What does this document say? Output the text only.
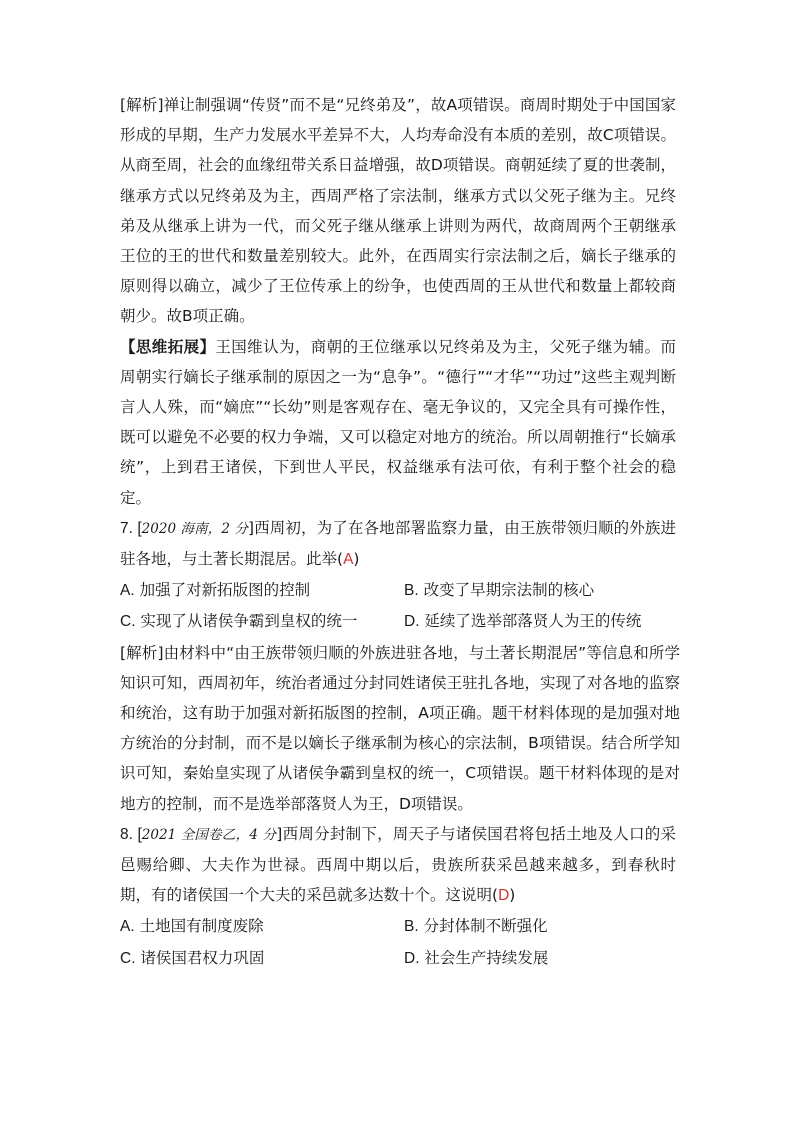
[解析]禅让制强调“传贤”而不是“兄终弟及”，故A项错误。商周时期处于中国国家形成的早期，生产力发展水平差异不大，人均寿命没有本质的差别，故C项错误。从商至周，社会的血缘纽带关系日益增强，故D项错误。商朝延续了夏的世袭制，继承方式以兄终弟及为主，西周严格了宗法制，继承方式以父死子继为主。兄终弟及从继承上讲为一代，而父死子继从继承上讲则为两代，故商周两个王朝继承王位的王的世代和数量差别较大。此外，在西周实行宗法制之后，嫡长子继承的原则得以确立，减少了王位传承上的纷争，也使西周的王从世代和数量上都较商朝少。故B项正确。

【思维拓展】王国维认为，商朝的王位继承以兄终弟及为主，父死子继为辅。而周朝实行嫡长子继承制的原因之一为“息争”。“德行”“才华”“功过”这些主观判断言人人殊，而“嫡庶”“长幼”则是客观存在、毫无争议的，又完全具有可操作性，既可以避免不必要的权力争端，又可以稳定对地方的统治。所以周朝推行“长嫡承统”，上到君王诸侯，下到世人平民，权益继承有法可依，有利于整个社会的稳定。

7. [2020 海南，2 分]西周初，为了在各地部署监察力量，由王族带领归顺的外族进驻各地，与土著长期混居。此举(A)

A. 加强了对新拓版图的控制	B. 改变了早期宗法制的核心
C. 实现了从诸侯争霸到皇权的统一	D. 延续了选举部落贤人为王的传统

[解析]由材料中“由王族带领归顺的外族进驻各地，与土著长期混居”等信息和所学知识可知，西周初年，统治者通过分封同姓诸侯王驻扎各地，实现了对各地的监察和统治，这有助于加强对新拓版图的控制，A项正确。题干材料体现的是加强对地方统治的分封制，而不是以嫡长子继承制为核心的宗法制，B项错误。结合所学知识可知，秦始皇实现了从诸侯争霸到皇权的统一，C项错误。题干材料体现的是对地方的控制，而不是选举部落贤人为王，D项错误。

8. [2021 全国卷乙，4 分]西周分封制下，周天子与诸侯国君将包括土地及人口的采邑赐给卿、大夫作为世禄。西周中期以后，贵族所获采邑越来越多，到春秋时期，有的诸侯国一个大夫的采邑就多达数十个。这说明(D)

A. 土地国有制度废除	B. 分封体制不断强化
C. 诸侯国君权力巩固	D. 社会生产持续发展
